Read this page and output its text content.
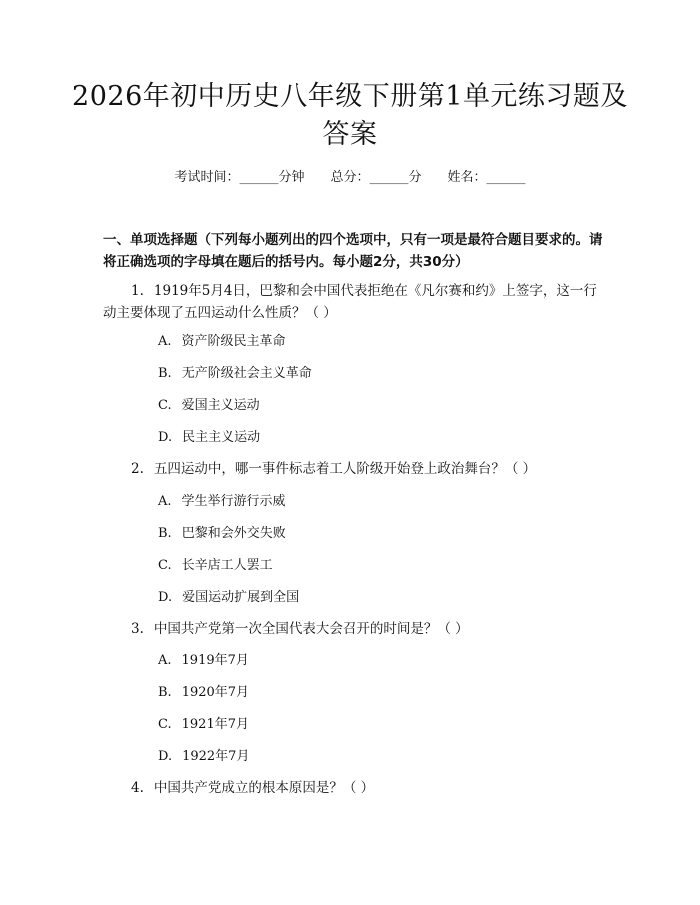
2026年初中历史八年级下册第1单元练习题及答案
考试时间：______分钟 总分：______分 姓名：______
一、单项选择题（下列每小题列出的四个选项中，只有一项是最符合题目要求的。请将正确选项的字母填在题后的括号内。每小题2分，共30分）
1. 1919年5月4日，巴黎和会中国代表拒绝在《凡尔赛和约》上签字，这一行动主要体现了五四运动什么性质？（ ）
A. 资产阶级民主革命
B. 无产阶级社会主义革命
C. 爱国主义运动
D. 民主主义运动
2. 五四运动中，哪一事件标志着工人阶级开始登上政治舞台？（ ）
A. 学生举行游行示威
B. 巴黎和会外交失败
C. 长辛店工人罢工
D. 爱国运动扩展到全国
3. 中国共产党第一次全国代表大会召开的时间是？（ ）
A. 1919年7月
B. 1920年7月
C. 1921年7月
D. 1922年7月
4. 中国共产党成立的根本原因是？（ ）
